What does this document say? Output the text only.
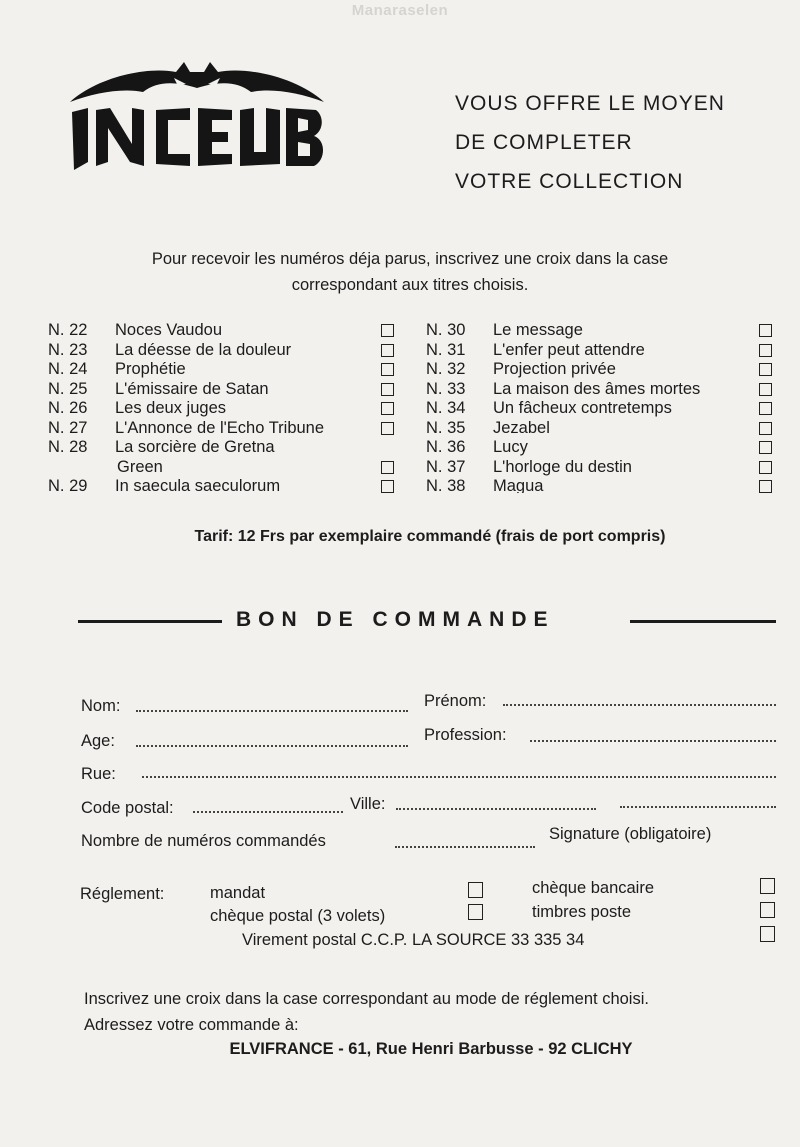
Manaraselen
VOUS OFFRE LE MOYEN
DE COMPLETER
VOTRE COLLECTION
Pour recevoir les numéros déja parus, inscrivez une croix dans la case
correspondant aux titres choisis.
N. 22 Noces Vaudou
N. 23 La déesse de la douleur
N. 24 Prophétie
N. 25 L'émissaire de Satan
N. 26 Les deux juges
N. 27 L'Annonce de l'Echo Tribune
N. 28 La sorcière de Gretna
Green
N. 29 In saecula saeculorum
N. 30 Le message
N. 31 L'enfer peut attendre
N. 32 Projection privée
N. 33 La maison des âmes mortes
N. 34 Un fâcheux contretemps
N. 35 Jezabel
N. 36 Lucy
N. 37 L'horloge du destin
N. 38 Magua
Tarif: 12 Frs par exemplaire commandé (frais de port compris)
BON DE COMMANDE
Nom:	Prénom:
Age:	Profession:
Rue:
Code postal:	Ville:
Nombre de numéros commandés	Signature (obligatoire)
Réglement:	mandat	chèque bancaire
chèque postal (3 volets)	timbres poste
Virement postal C.C.P. LA SOURCE 33 335 34
Inscrivez une croix dans la case correspondant au mode de réglement choisi.
Adressez votre commande à:
ELVIFRANCE - 61, Rue Henri Barbusse - 92 CLICHY
